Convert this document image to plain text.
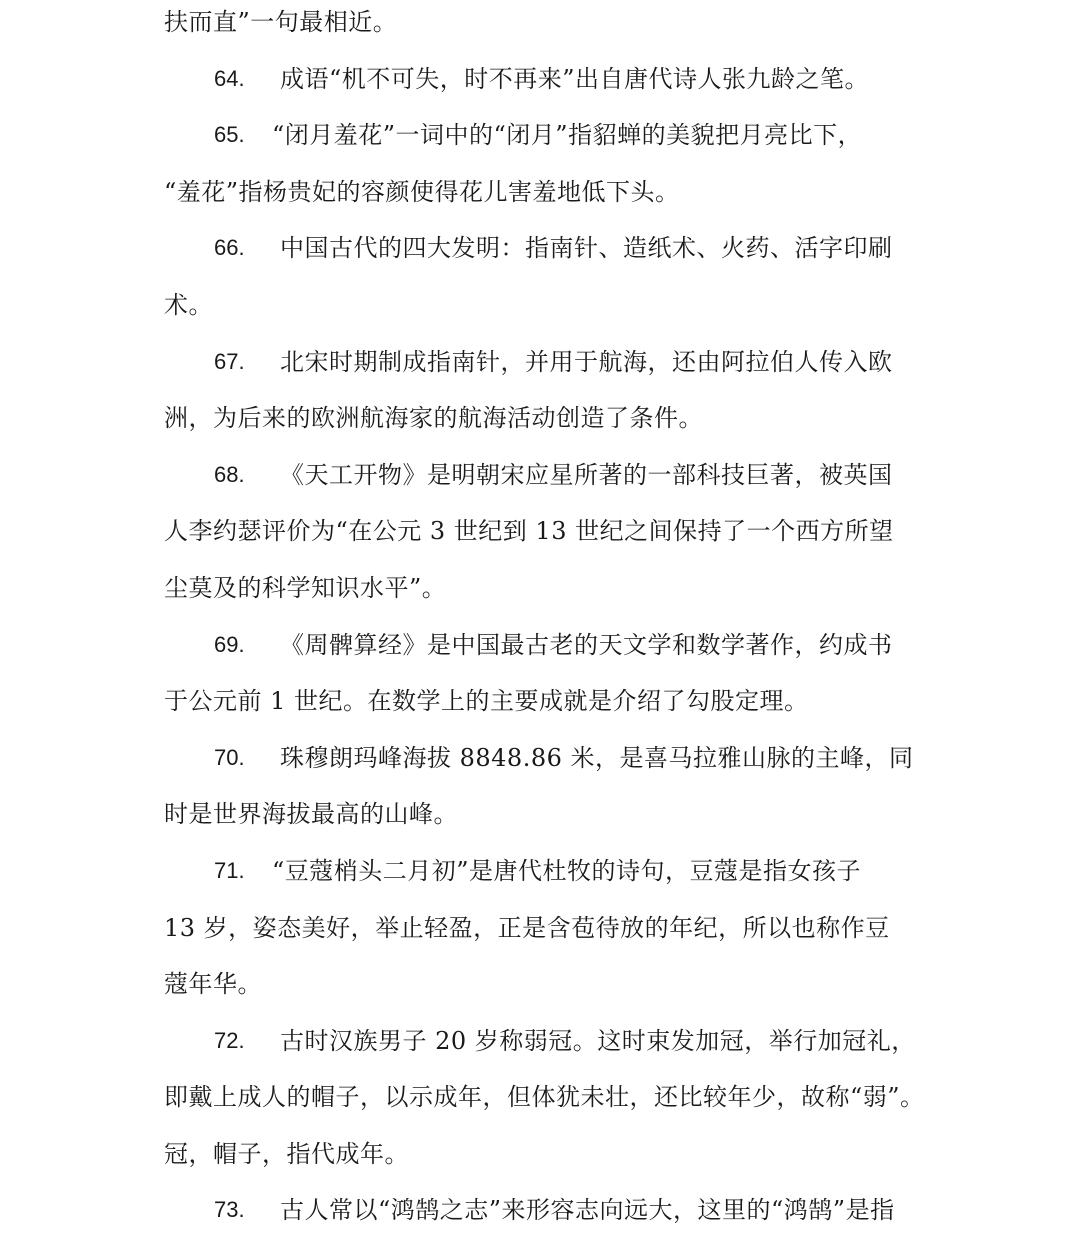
扶而直”一句最相近。
64. 成语“机不可失，时不再来”出自唐代诗人张九龄之笔。
65. “闭月羞花”一词中的“闭月”指貂蝉的美貌把月亮比下，
“羞花”指杨贵妃的容颜使得花儿害羞地低下头。
66. 中国古代的四大发明：指南针、造纸术、火药、活字印刷
术。
67. 北宋时期制成指南针，并用于航海，还由阿拉伯人传入欧
洲，为后来的欧洲航海家的航海活动创造了条件。
68. 《天工开物》是明朝宋应星所著的一部科技巨著，被英国
人李约瑟评价为“在公元 3 世纪到 13 世纪之间保持了一个西方所望
尘莫及的科学知识水平”。
69. 《周髀算经》是中国最古老的天文学和数学著作，约成书
于公元前 1 世纪。在数学上的主要成就是介绍了勾股定理。
70. 珠穆朗玛峰海拔 8848.86 米，是喜马拉雅山脉的主峰，同
时是世界海拔最高的山峰。
71. “豆蔻梢头二月初”是唐代杜牧的诗句，豆蔻是指女孩子
13 岁，姿态美好，举止轻盈，正是含苞待放的年纪，所以也称作豆
蔻年华。
72. 古时汉族男子 20 岁称弱冠。这时束发加冠，举行加冠礼，
即戴上成人的帽子，以示成年，但体犹未壮，还比较年少，故称“弱”。
冠，帽子，指代成年。
73. 古人常以“鸿鹄之志”来形容志向远大，这里的“鸿鹄”是指
